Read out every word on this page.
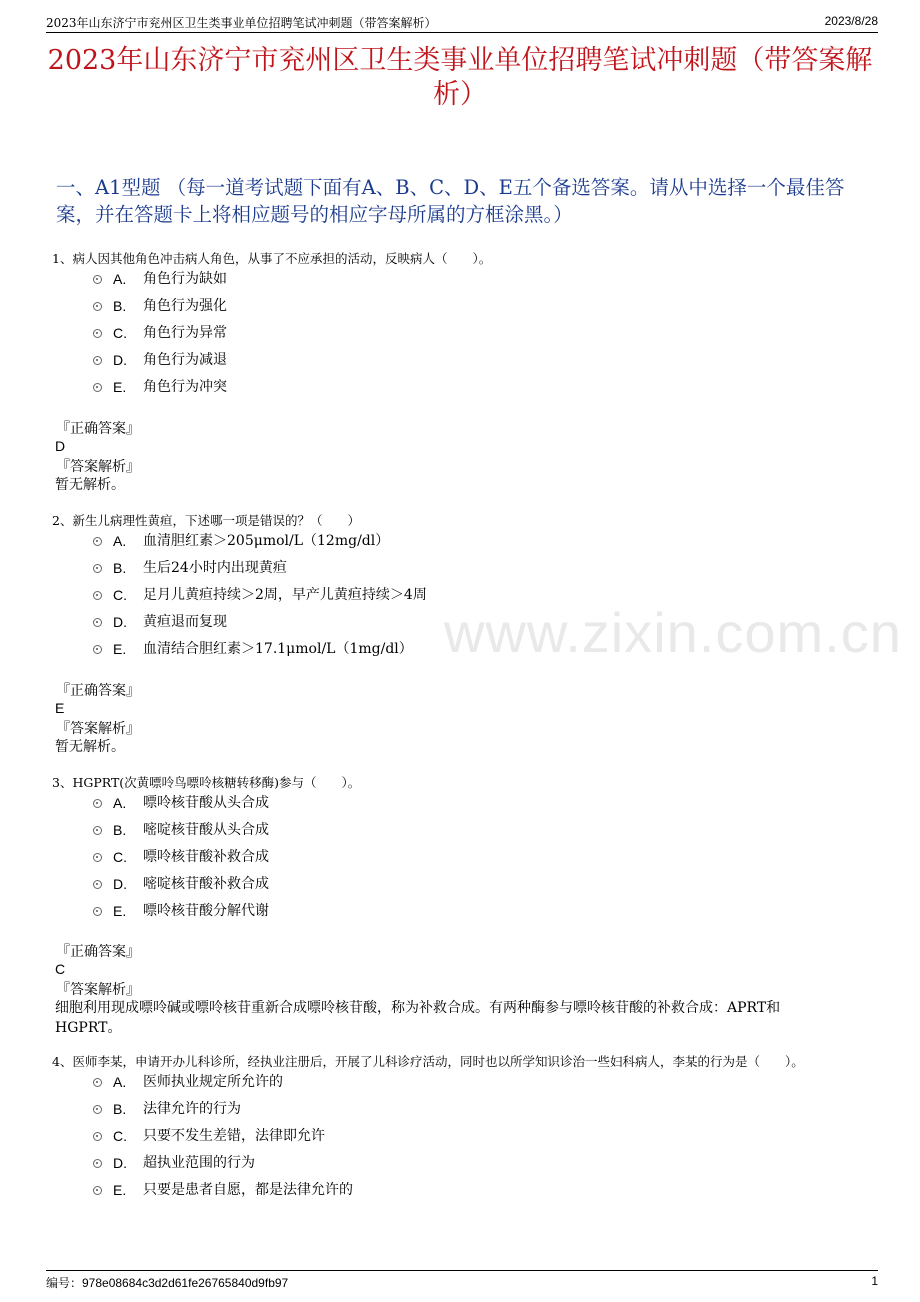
2023年山东济宁市兖州区卫生类事业单位招聘笔试冲刺题（带答案解析）	2023/8/28
2023年山东济宁市兖州区卫生类事业单位招聘笔试冲刺题（带答案解析）
一、A1型题 （每一道考试题下面有A、B、C、D、E五个备选答案。请从中选择一个最佳答案，并在答题卡上将相应题号的相应字母所属的方框涂黑。）
www.zixin.com.cn
1、病人因其他角色冲击病人角色，从事了不应承担的活动，反映病人（　　）。
A. 角色行为缺如
B. 角色行为强化
C. 角色行为异常
D. 角色行为减退
E. 角色行为冲突
『正确答案』
D
『答案解析』
暂无解析。
2、新生儿病理性黄疸，下述哪一项是错误的？（　　）
A. 血清胆红素＞205μmol/L（12mg/dl）
B. 生后24小时内出现黄疸
C. 足月儿黄疸持续＞2周，早产儿黄疸持续＞4周
D. 黄疸退而复现
E. 血清结合胆红素＞17.1μmol/L（1mg/dl）
『正确答案』
E
『答案解析』
暂无解析。
3、HGPRT(次黄嘌呤鸟嘌呤核糖转移酶)参与（　　）。
A. 嘌呤核苷酸从头合成
B. 嘧啶核苷酸从头合成
C. 嘌呤核苷酸补救合成
D. 嘧啶核苷酸补救合成
E. 嘌呤核苷酸分解代谢
『正确答案』
C
『答案解析』
细胞利用现成嘌呤碱或嘌呤核苷重新合成嘌呤核苷酸，称为补救合成。有两种酶参与嘌呤核苷酸的补救合成：APRT和HGPRT。
4、医师李某，申请开办儿科诊所，经执业注册后，开展了儿科诊疗活动，同时也以所学知识诊治一些妇科病人，李某的行为是（　　）。
A. 医师执业规定所允许的
B. 法律允许的行为
C. 只要不发生差错，法律即允许
D. 超执业范围的行为
E. 只要是患者自愿，都是法律允许的
编号：978e08684c3d2d61fe26765840d9fb97	1
